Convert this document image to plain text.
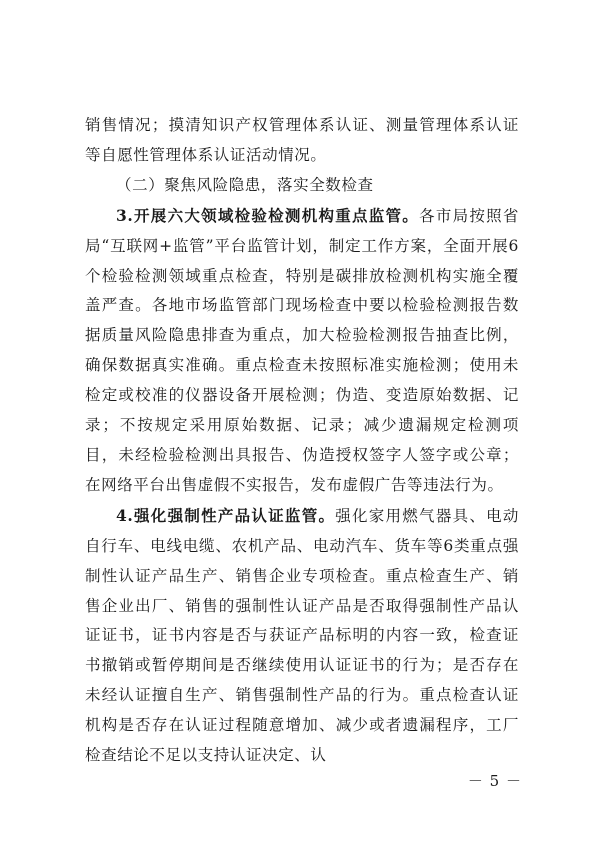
销售情况；摸清知识产权管理体系认证、测量管理体系认证等自愿性管理体系认证活动情况。

（二）聚焦风险隐患，落实全数检查

3.开展六大领域检验检测机构重点监管。各市局按照省局“互联网+监管”平台监管计划，制定工作方案，全面开展6个检验检测领域重点检查，特别是碳排放检测机构实施全覆盖严查。各地市场监管部门现场检查中要以检验检测报告数据质量风险隐患排查为重点，加大检验检测报告抽查比例，确保数据真实准确。重点检查未按照标准实施检测；使用未检定或校准的仪器设备开展检测；伪造、变造原始数据、记录；不按规定采用原始数据、记录；减少遗漏规定检测项目，未经检验检测出具报告、伪造授权签字人签字或公章；在网络平台出售虚假不实报告，发布虚假广告等违法行为。

4.强化强制性产品认证监管。强化家用燃气器具、电动自行车、电线电缆、农机产品、电动汽车、货车等6类重点强制性认证产品生产、销售企业专项检查。重点检查生产、销售企业出厂、销售的强制性认证产品是否取得强制性产品认证证书，证书内容是否与获证产品标明的内容一致，检查证书撤销或暂停期间是否继续使用认证证书的行为；是否存在未经认证擅自生产、销售强制性产品的行为。重点检查认证机构是否存在认证过程随意增加、减少或者遗漏程序，工厂检查结论不足以支持认证决定、认

－ 5 －
